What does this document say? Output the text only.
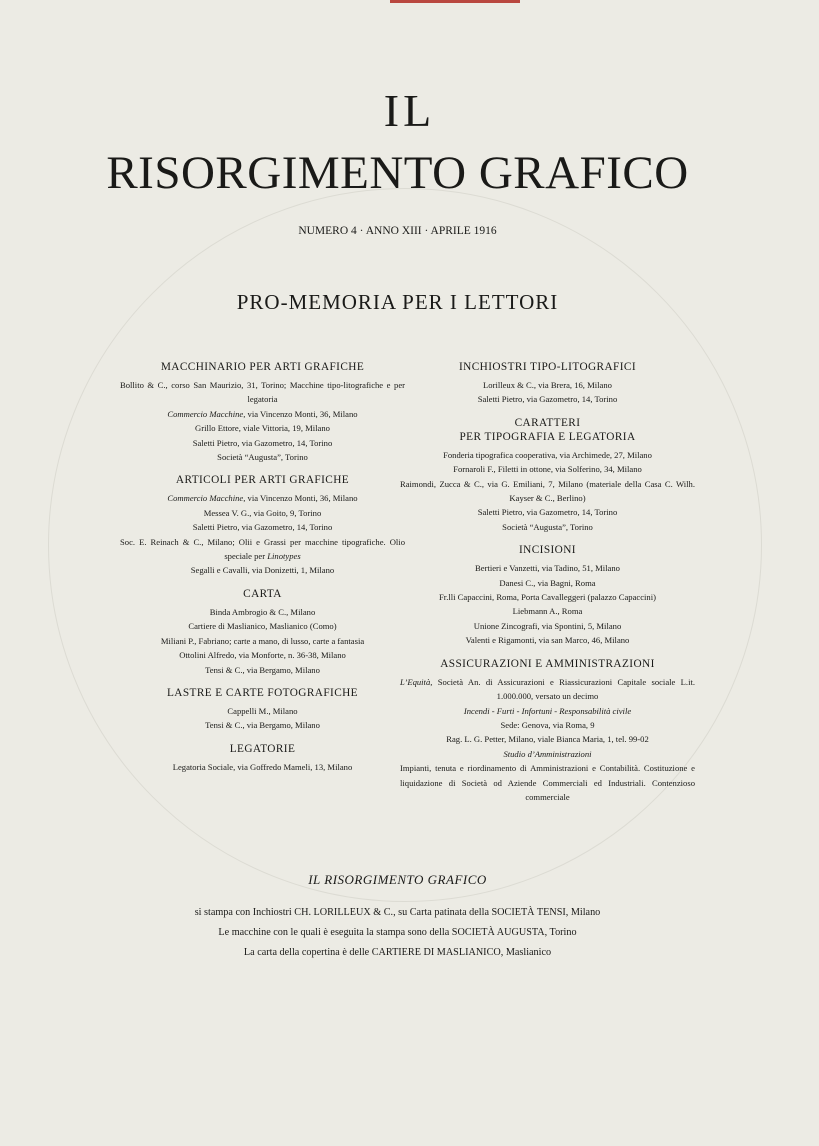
IL
RISORGIMENTO GRAFICO
NUMERO 4 · ANNO XIII · APRILE 1916
PRO-MEMORIA PER I LETTORI
MACCHINARIO PER ARTI GRAFICHE

Bollito & C., corso San Maurizio, 31, Torino; Macchine tipo-litografiche e per legatoria

Commercio Macchine, via Vincenzo Monti, 36, Milano

Grillo Ettore, viale Vittoria, 19, Milano

Saletti Pietro, via Gazometro, 14, Torino

Società “Augusta”, Torino

ARTICOLI PER ARTI GRAFICHE

Commercio Macchine, via Vincenzo Monti, 36, Milano

Messea V. G., via Goito, 9, Torino

Saletti Pietro, via Gazometro, 14, Torino

Soc. E. Reinach & C., Milano; Olii e Grassi per macchine tipografiche. Olio speciale per Linotypes

Segalli e Cavalli, via Donizetti, 1, Milano

CARTA

Binda Ambrogio & C., Milano

Cartiere di Maslianico, Maslianico (Como)

Miliani P., Fabriano; carte a mano, di lusso, carte a fantasia

Ottolini Alfredo, via Monforte, n. 36-38, Milano

Tensi & C., via Bergamo, Milano

LASTRE E CARTE FOTOGRAFICHE

Cappelli M., Milano

Tensi & C., via Bergamo, Milano

LEGATORIE

Legatoria Sociale, via Goffredo Mameli, 13, Milano

INCHIOSTRI TIPO-LITOGRAFICI

Lorilleux & C., via Brera, 16, Milano

Saletti Pietro, via Gazometro, 14, Torino

CARATTERI
PER TIPOGRAFIA E LEGATORIA

Fonderia tipografica cooperativa, via Archimede, 27, Milano

Fornaroli F., Filetti in ottone, via Solferino, 34, Milano

Raimondi, Zucca & C., via G. Emiliani, 7, Milano (materiale della Casa C. Wilh. Kayser & C., Berlino)

Saletti Pietro, via Gazometro, 14, Torino

Società “Augusta”, Torino

INCISIONI

Bertieri e Vanzetti, via Tadino, 51, Milano

Danesi C., via Bagni, Roma

Fr.lli Capaccini, Roma, Porta Cavalleggeri (palazzo Capaccini)

Liebmann A., Roma

Unione Zincografi, via Spontini, 5, Milano

Valenti e Rigamonti, via san Marco, 46, Milano

ASSICURAZIONI E AMMINISTRAZIONI

L’Equità, Società An. di Assicurazioni e Riassicurazioni Capitale sociale L.it. 1.000.000, versato un decimo

Incendi - Furti - Infortuni - Responsabilità civile

Sede: Genova, via Roma, 9

Rag. L. G. Petter, Milano, viale Bianca Maria, 1, tel. 99-02

Studio d’Amministrazioni

Impianti, tenuta e riordinamento di Amministrazioni e Contabilità. Costituzione e liquidazione di Società od Aziende Commerciali ed Industriali. Contenzioso commerciale

IL RISORGIMENTO GRAFICO
si stampa con Inchiostri CH. LORILLEUX & C., su Carta patinata della SOCIETÀ TENSI, Milano
Le macchine con le quali è eseguita la stampa sono della SOCIETÀ AUGUSTA, Torino
La carta della copertina è delle CARTIERE DI MASLIANICO, Maslianico
